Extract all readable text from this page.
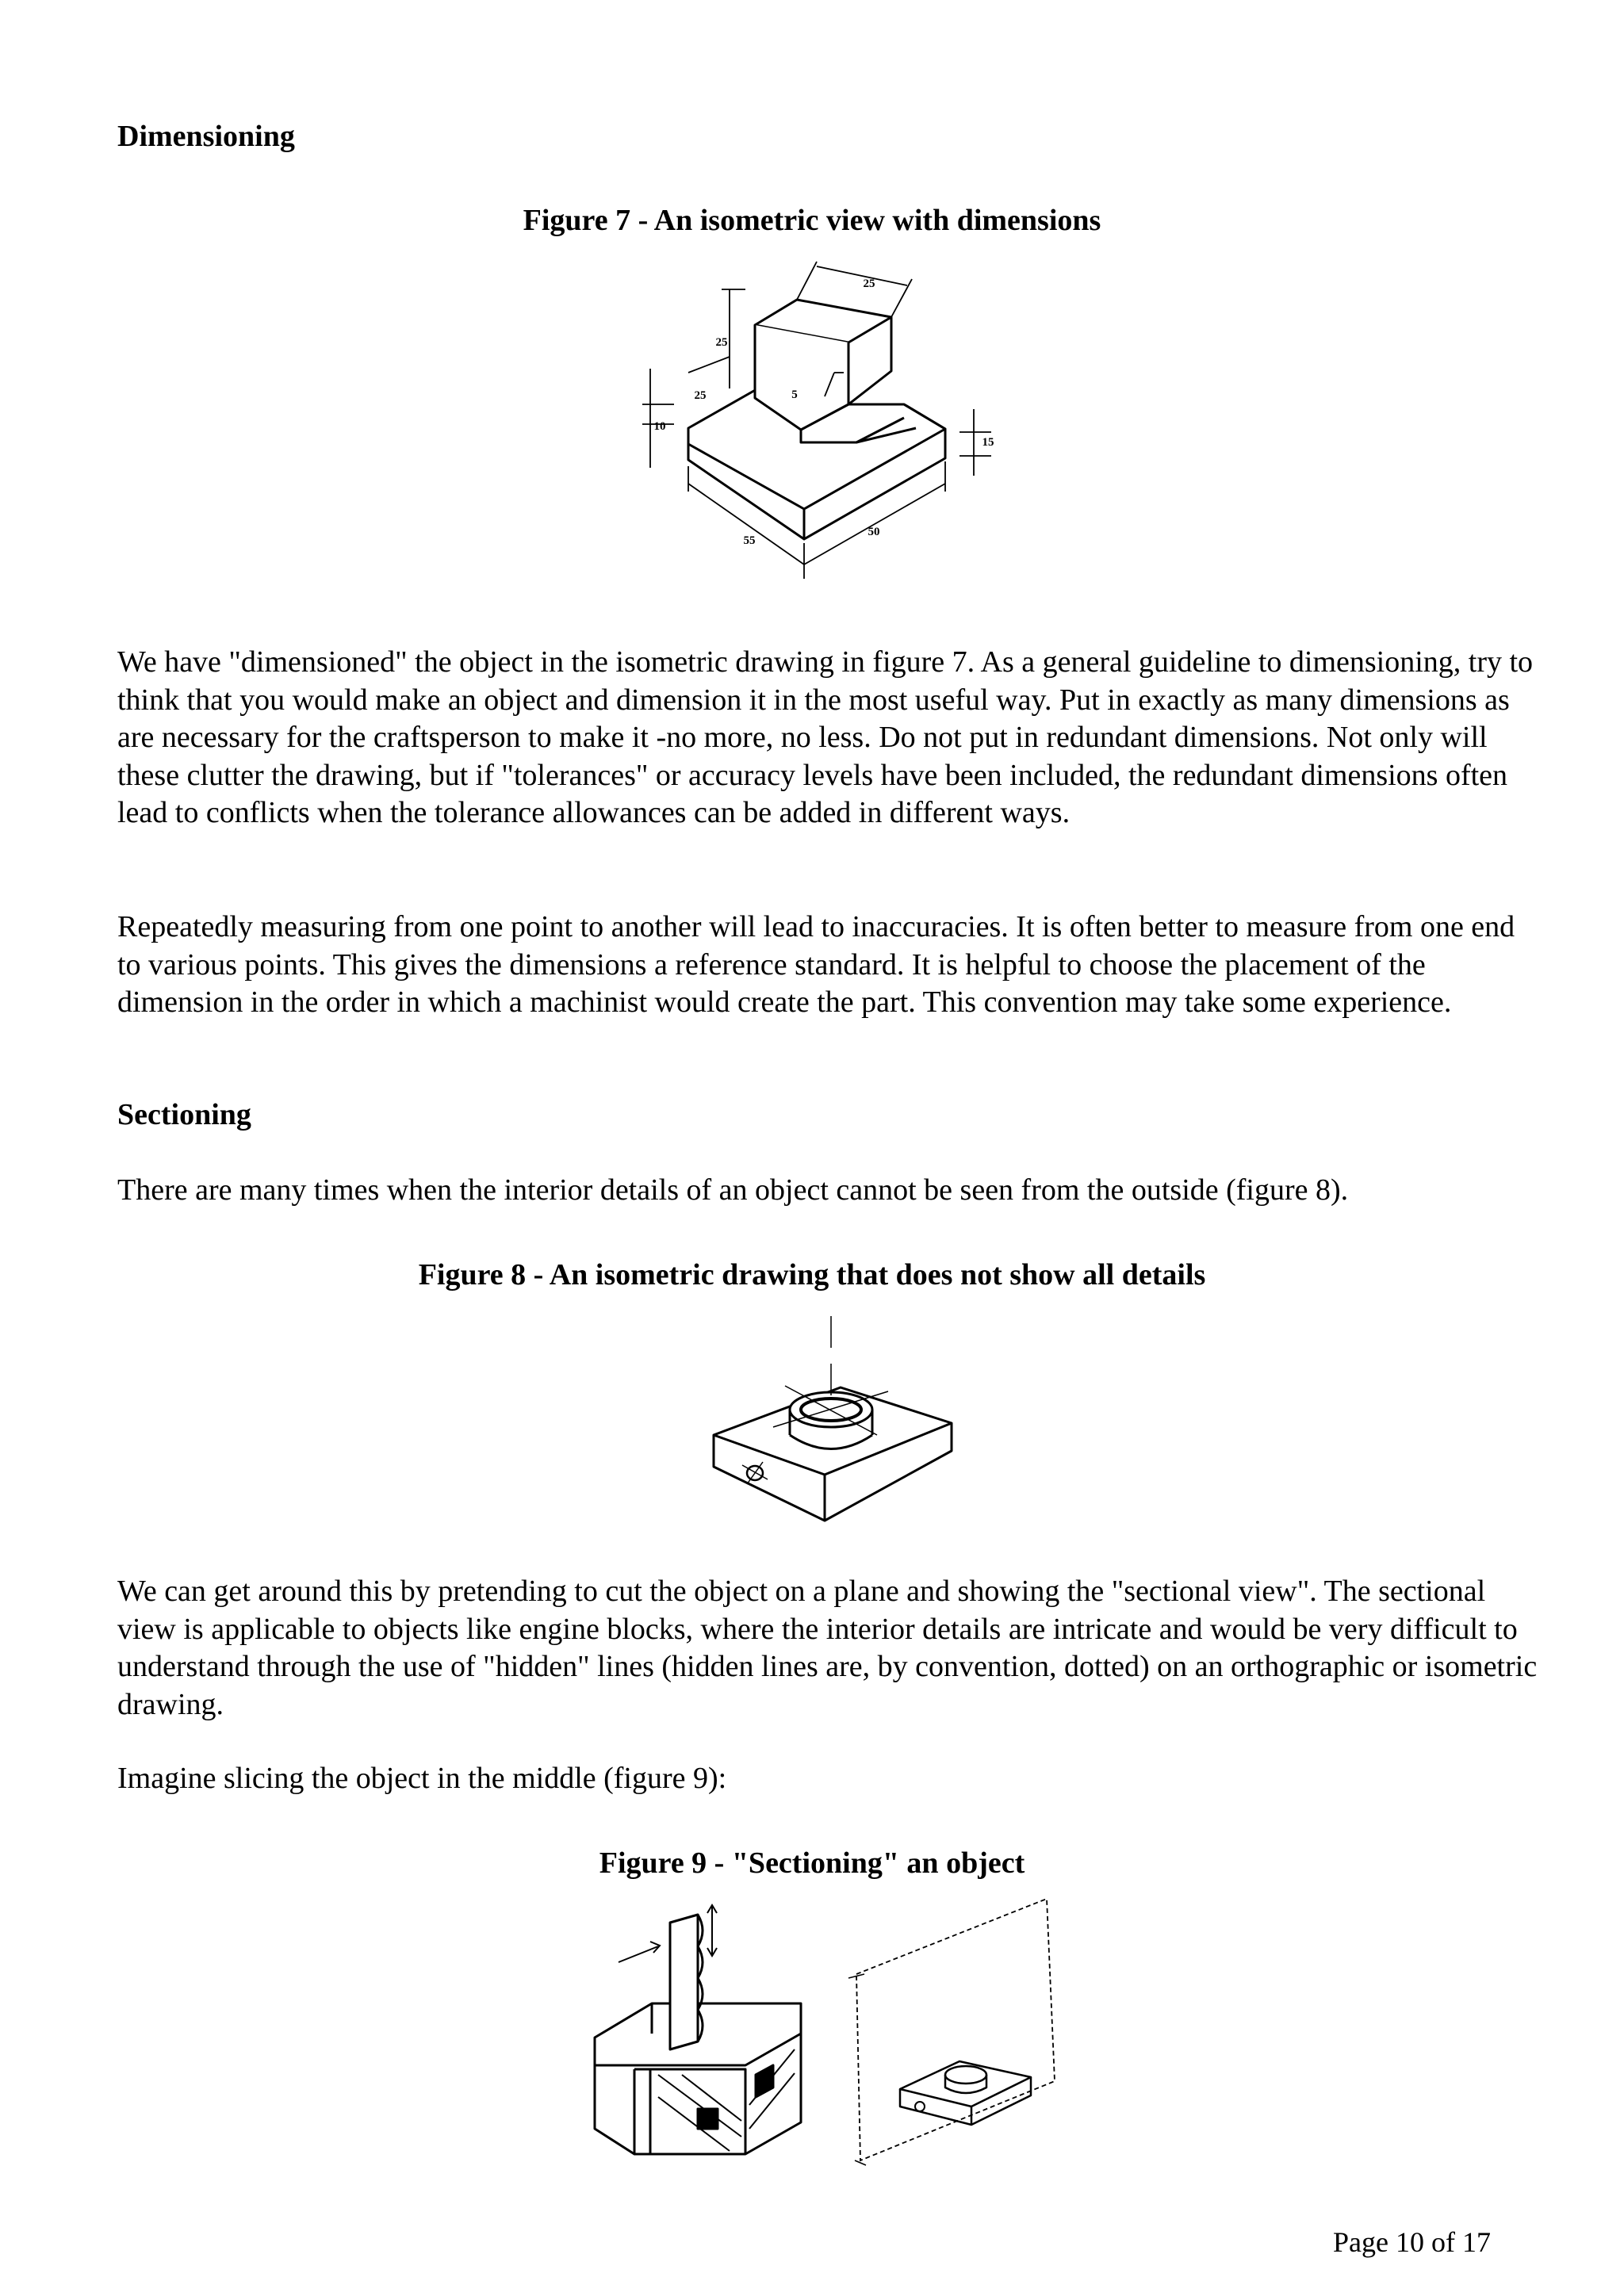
Dimensioning
Figure 7 - An isometric view with dimensions
25
25
25	5
10
15
55
50
We have "dimensioned" the object in the isometric drawing in figure 7. As a general guideline to dimensioning, try to think that you would make an object and dimension it in the most useful way. Put in exactly as many dimensions as are necessary for the craftsperson to make it -no more, no less. Do not put in redundant dimensions. Not only will these clutter the drawing, but if "tolerances" or accuracy levels have been included, the redundant dimensions often lead to conflicts when the tolerance allowances can be added in different ways.
Repeatedly measuring from one point to another will lead to inaccuracies. It is often better to measure from one end to various points. This gives the dimensions a reference standard. It is helpful to choose the placement of the dimension in the order in which a machinist would create the part. This convention may take some experience.
Sectioning
There are many times when the interior details of an object cannot be seen from the outside (figure 8).
Figure 8 - An isometric drawing that does not show all details
We can get around this by pretending to cut the object on a plane and showing the "sectional view". The sectional view is applicable to objects like engine blocks, where the interior details are intricate and would be very difficult to understand through the use of "hidden" lines (hidden lines are, by convention, dotted) on an orthographic or isometric drawing.
Imagine slicing the object in the middle (figure 9):
Figure 9 - "Sectioning" an object
Page 10 of 17
